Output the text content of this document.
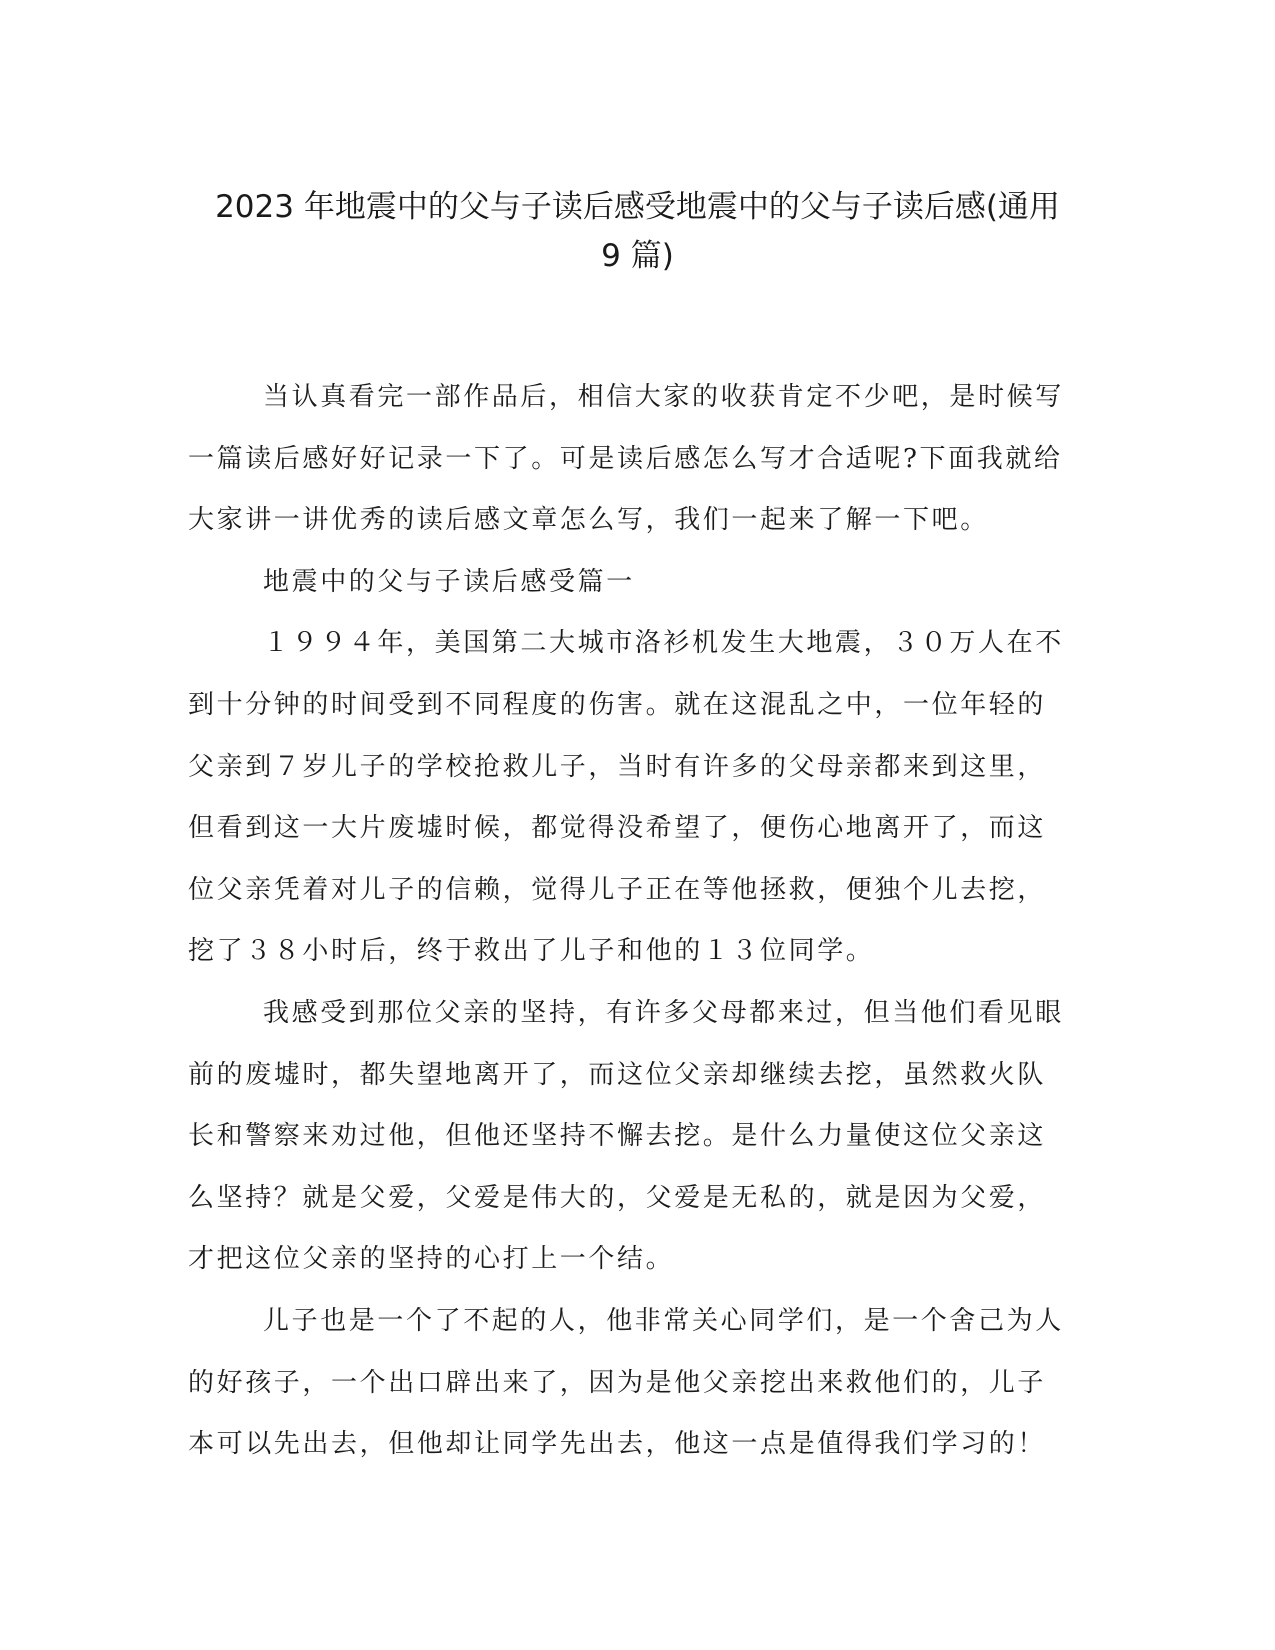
2023 年地震中的父与子读后感受地震中的父与子读后感(通用
9 篇)
当认真看完一部作品后，相信大家的收获肯定不少吧，是时候写
一篇读后感好好记录一下了。可是读后感怎么写才合适呢?下面我就给
大家讲一讲优秀的读后感文章怎么写，我们一起来了解一下吧。
地震中的父与子读后感受篇一
１９９４年，美国第二大城市洛衫机发生大地震，３０万人在不
到十分钟的时间受到不同程度的伤害。就在这混乱之中，一位年轻的
父亲到７岁儿子的学校抢救儿子，当时有许多的父母亲都来到这里，
但看到这一大片废墟时候，都觉得没希望了，便伤心地离开了，而这
位父亲凭着对儿子的信赖，觉得儿子正在等他拯救，便独个儿去挖，
挖了３８小时后，终于救出了儿子和他的１３位同学。
我感受到那位父亲的坚持，有许多父母都来过，但当他们看见眼
前的废墟时，都失望地离开了，而这位父亲却继续去挖，虽然救火队
长和警察来劝过他，但他还坚持不懈去挖。是什么力量使这位父亲这
么坚持？就是父爱，父爱是伟大的，父爱是无私的，就是因为父爱，
才把这位父亲的坚持的心打上一个结。
儿子也是一个了不起的人，他非常关心同学们，是一个舍己为人
的好孩子，一个出口辟出来了，因为是他父亲挖出来救他们的，儿子
本可以先出去，但他却让同学先出去，他这一点是值得我们学习的！
